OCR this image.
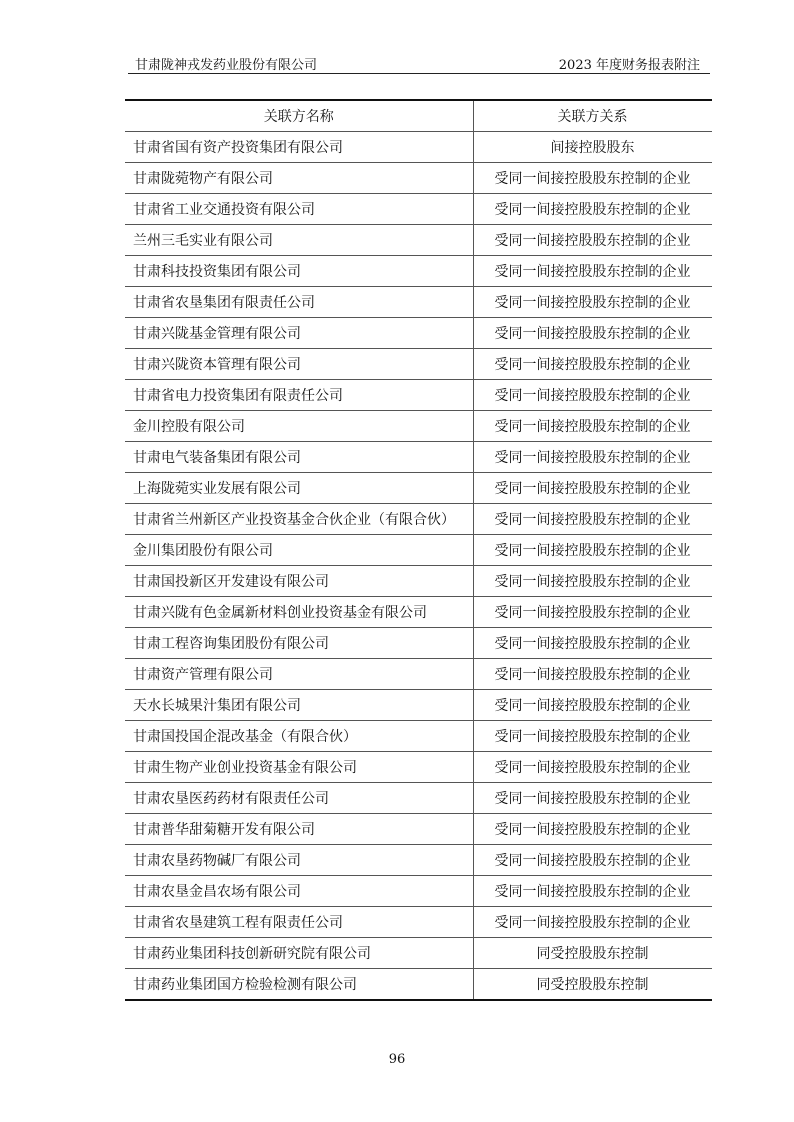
甘肃陇神戎发药业股份有限公司	2023 年度财务报表附注
关联方名称	关联方关系
甘肃省国有资产投资集团有限公司	间接控股股东
甘肃陇菀物产有限公司	受同一间接控股股东控制的企业
甘肃省工业交通投资有限公司	受同一间接控股股东控制的企业
兰州三毛实业有限公司	受同一间接控股股东控制的企业
甘肃科技投资集团有限公司	受同一间接控股股东控制的企业
甘肃省农垦集团有限责任公司	受同一间接控股股东控制的企业
甘肃兴陇基金管理有限公司	受同一间接控股股东控制的企业
甘肃兴陇资本管理有限公司	受同一间接控股股东控制的企业
甘肃省电力投资集团有限责任公司	受同一间接控股股东控制的企业
金川控股有限公司	受同一间接控股股东控制的企业
甘肃电气装备集团有限公司	受同一间接控股股东控制的企业
上海陇菀实业发展有限公司	受同一间接控股股东控制的企业
甘肃省兰州新区产业投资基金合伙企业（有限合伙）	受同一间接控股股东控制的企业
金川集团股份有限公司	受同一间接控股股东控制的企业
甘肃国投新区开发建设有限公司	受同一间接控股股东控制的企业
甘肃兴陇有色金属新材料创业投资基金有限公司	受同一间接控股股东控制的企业
甘肃工程咨询集团股份有限公司	受同一间接控股股东控制的企业
甘肃资产管理有限公司	受同一间接控股股东控制的企业
天水长城果汁集团有限公司	受同一间接控股股东控制的企业
甘肃国投国企混改基金（有限合伙）	受同一间接控股股东控制的企业
甘肃生物产业创业投资基金有限公司	受同一间接控股股东控制的企业
甘肃农垦医药药材有限责任公司	受同一间接控股股东控制的企业
甘肃普华甜菊糖开发有限公司	受同一间接控股股东控制的企业
甘肃农垦药物碱厂有限公司	受同一间接控股股东控制的企业
甘肃农垦金昌农场有限公司	受同一间接控股股东控制的企业
甘肃省农垦建筑工程有限责任公司	受同一间接控股股东控制的企业
甘肃药业集团科技创新研究院有限公司	同受控股股东控制
甘肃药业集团国方检验检测有限公司	同受控股股东控制
96
